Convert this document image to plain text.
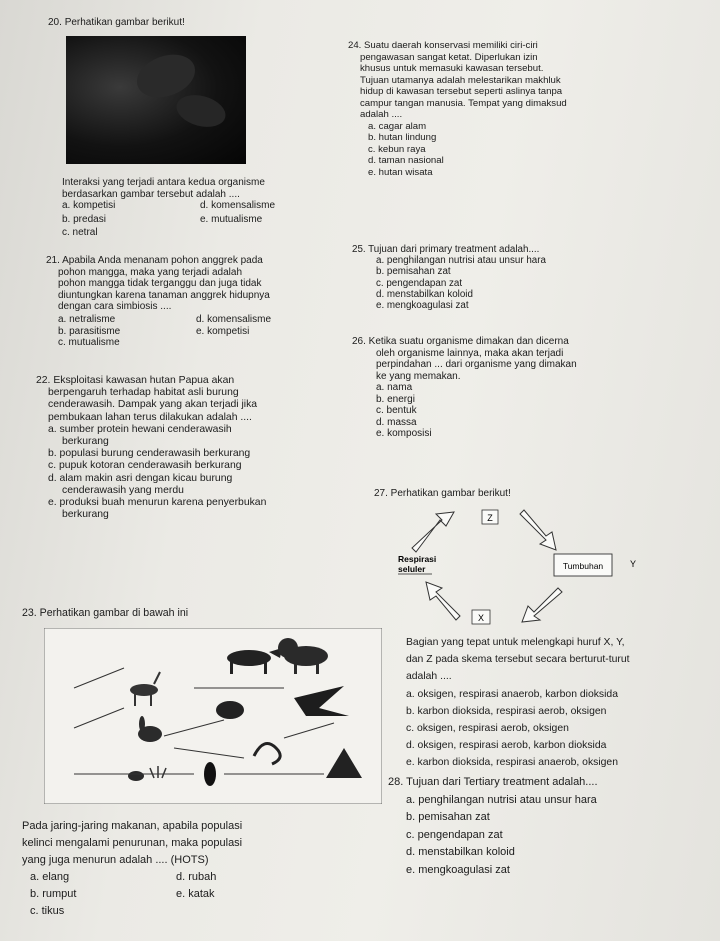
20. Perhatikan gambar berikut!
Interaksi yang terjadi antara kedua organisme
berdasarkan gambar tersebut adalah ....
a. kompetisi	d. komensalisme
b. predasi	e. mutualisme
c. netral
21. Apabila Anda menanam pohon anggrek pada
pohon mangga, maka yang terjadi adalah
pohon mangga tidak terganggu dan juga tidak
diuntungkan karena tanaman anggrek hidupnya
dengan cara simbiosis ....
a. netralisme	d. komensalisme
b. parasitisme	e. kompetisi
c. mutualisme
22. Eksploitasi kawasan hutan Papua akan
berpengaruh terhadap habitat asli burung
cenderawasih. Dampak yang akan terjadi jika
pembukaan lahan terus dilakukan adalah ....
a. sumber protein hewani cenderawasih
berkurang
b. populasi burung cenderawasih berkurang
c. pupuk kotoran cenderawasih berkurang
d. alam makin asri dengan kicau burung
cenderawasih yang merdu
e. produksi buah menurun karena penyerbukan
berkurang
23. Perhatikan gambar di bawah ini
Pada jaring-jaring makanan, apabila populasi
kelinci mengalami penurunan, maka populasi
yang juga menurun adalah .... (HOTS)
a. elang	d. rubah
b. rumput	e. katak
c. tikus
24. Suatu daerah konservasi memiliki ciri-ciri
pengawasan sangat ketat. Diperlukan izin
khusus untuk memasuki kawasan tersebut.
Tujuan utamanya adalah melestarikan makhluk
hidup di kawasan tersebut seperti aslinya tanpa
campur tangan manusia. Tempat yang dimaksud
adalah ....
a. cagar alam
b. hutan lindung
c. kebun raya
d. taman nasional
e. hutan wisata
25. Tujuan dari primary treatment adalah....
a. penghilangan nutrisi atau unsur hara
b. pemisahan zat
c. pengendapan zat
d. menstabilkan koloid
e. mengkoagulasi zat
26. Ketika suatu organisme dimakan dan dicerna
oleh organisme lainnya, maka akan terjadi
perpindahan ... dari organisme yang dimakan
ke yang memakan.
a. nama
b. energi
c. bentuk
d. massa
e. komposisi
27. Perhatikan gambar berikut!
Z
Respirasi
seluler	Tumbuhan	Y
X
Bagian yang tepat untuk melengkapi huruf X, Y,
dan Z pada skema tersebut secara berturut-turut
adalah ....
a. oksigen, respirasi anaerob, karbon dioksida
b. karbon dioksida, respirasi aerob, oksigen
c. oksigen, respirasi aerob, oksigen
d. oksigen, respirasi aerob, karbon dioksida
e. karbon dioksida, respirasi anaerob, oksigen
28. Tujuan dari Tertiary treatment adalah....
a. penghilangan nutrisi atau unsur hara
b. pemisahan zat
c. pengendapan zat
d. menstabilkan koloid
e. mengkoagulasi zat
